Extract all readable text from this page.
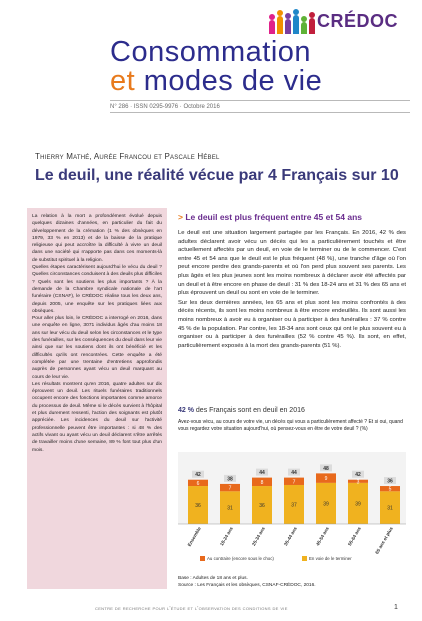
CRÉDOC
Consommation
et modes de vie
N° 286 · ISSN 0295-9976 · Octobre 2016
Thierry Mathé, Aurée Francou et Pascale Hébel
Le deuil, une réalité vécue par 4 Français sur 10

La relation à la mort a profondément évolué depuis quelques dizaines d'années, en particulier du fait du développement de la crémation (1 % des obsèques en 1979, 33 % en 2013) et de la baisse de la pratique religieuse qui peut accroître la difficulté à vivre un deuil dans une société qui n'apporte pas dans ces moments-là de substitut spirituel à la religion.

Quelles étapes caractérisent aujourd'hui le vécu du deuil ? Quelles circonstances conduisent à des deuils plus difficiles ? Quels sont les soutiens les plus importants ? À la demande de la Chambre syndicale nationale de l'art funéraire (CSNAF), le CRÉDOC réalise tous les deux ans, depuis 2005, une enquête sur les pratiques liées aux obsèques.

Pour aller plus loin, le CRÉDOC a interrogé en 2016, dans une enquête en ligne, 3071 individus âgés d'au moins 18 ans sur leur vécu du deuil selon les circonstances et le type des funérailles, sur les conséquences du deuil dans leur vie ainsi que sur les soutiens dont ils ont bénéficié et les difficultés qu'ils ont rencontrées. Cette enquête a été complétée par une trentaine d'entretiens approfondis auprès de personnes ayant vécu un deuil marquant au cours de leur vie.

Les résultats montrent qu'en 2016, quatre adultes sur dix éprouvent un deuil. Les rituels funéraires traditionnels occupent encore des fonctions importantes comme amorce du processus de deuil. Même si le décès survient à l'hôpital et plus durement ressenti, l'action des soignants est plutôt appréciée. Les incidences du deuil sur l'activité professionnelle peuvent être importantes : si 48 % des actifs vivant ou ayant vécu un deuil déclarent s'être arrêtés de travailler moins d'une semaine, 89 % font tout plus d'un mois.

> Le deuil est plus fréquent entre 45 et 54 ans

Le deuil est une situation largement partagée par les Français. En 2016, 42 % des adultes déclarent avoir vécu un décès qui les a particulièrement touchés et être actuellement affectés par un deuil, en voie de le terminer ou de le commencer. C'est entre 45 et 54 ans que le deuil est le plus fréquent (48 %), une tranche d'âge où l'on peut encore perdre des grands-parents et où l'on perd plus souvent ses parents. Les plus âgés et les plus jeunes sont les moins nombreux à déclarer avoir été affectés par un deuil et à être encore en phase de deuil : 31 % des 18-24 ans et 31 % des 65 ans et plus éprouvent un deuil ou sont en voie de le terminer.

Sur les deux dernières années, les 65 ans et plus sont les moins confrontés à des décès récents, ils sont les moins nombreux à être encore endeuillés. Ils sont aussi les moins nombreux à avoir eu à organiser ou à participer à des funérailles : 37 % contre 45 % de la population. Par contre, les 18-34 ans sont ceux qui ont le plus souvent eu à organiser ou à participer à des funérailles (52 % contre 45 %). Ils sont, en effet, particulièrement exposés à la mort des grands-parents (51 %).

42 % des Français sont en deuil en 2016
Avez-vous vécu, au cours de votre vie, un décès qui vous a particulièrement affecté ? Et si oui, quand vous regardez votre situation aujourd'hui, où pensez-vous en être de votre deuil ? (%)
36
6
42
Ensemble
31
7
38
18-24 ans
36
8
44
25-34 ans
37
7
44
35-44 ans
39
9
48
45-54 ans
39
3
42
55-64 ans
31
5
36
65 ans et plus
Au contraire (encore sous le choc)	En voie de le terminer
Base : Adultes de 18 ans et plus.
Source : Les Français et les obsèques, CSNAF-CRÉDOC, 2016.
centre de recherche pour l'étude et l'observation des conditions de vie	1
